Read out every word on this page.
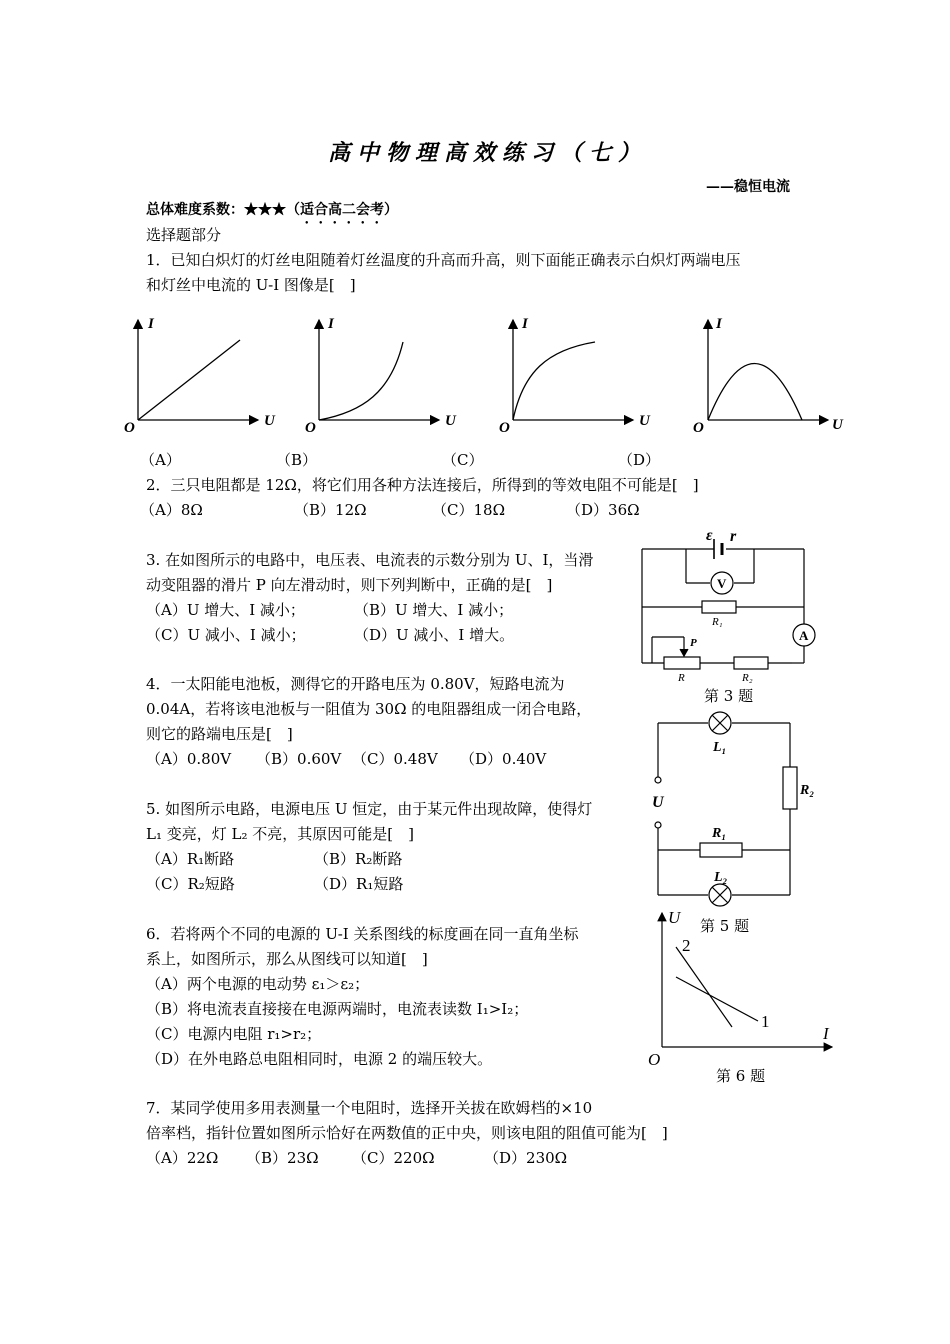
高中物理高效练习（七）
——稳恒电流
总体难度系数：★★★（适合高二会考）
选择题部分
1．已知白炽灯的灯丝电阻随着灯丝温度的升高而升高，则下面能正确表示白炽灯两端电压
和灯丝中电流的 U-I 图像是[　]
I
U
O
I
U
O
I
U
O
I
U
O
（A）	（B）	（C）	（D）
2．三只电阻都是 12Ω，将它们用各种方法连接后，所得到的等效电阻不可能是[　]
（A）8Ω	（B）12Ω	（C）18Ω	（D）36Ω
3. 在如图所示的电路中，电压表、电流表的示数分别为 U、I，当滑
动变阻器的滑片 P 向左滑动时，则下列判断中，正确的是[　]
（A）U 增大、I 减小；	（B）U 增大、I 减小；
（C）U 减小、I 减小；	（D）U 减小、I 增大。
ε r
V
A
R₁
P
R	R₂
第 3 题
4．一太阳能电池板，测得它的开路电压为 0.80V，短路电流为
0.04A，若将该电池板与一阻值为 30Ω 的电阻器组成一闭合电路，
则它的路端电压是[　]
（A）0.80V （B）0.60V （C）0.48V （D）0.40V
5. 如图所示电路，电源电压 U 恒定，由于某元件出现故障，使得灯
L₁ 变亮，灯 L₂ 不亮，其原因可能是[　]
（A）R₁断路	（B）R₂断路
（C）R₂短路	（D）R₁短路
L₁
R₂
R₁
L₂
U
第 5 题
6．若将两个不同的电源的 U-I 关系图线的标度画在同一直角坐标
系上，如图所示，那么从图线可以知道[　]
（A）两个电源的电动势 ε₁＞ε₂；
（B）将电流表直接接在电源两端时，电流表读数 I₁>I₂；
（C）电源内电阻 r₁>r₂；
（D）在外电路总电阻相同时，电源 2 的端压较大。
U
I
O
2
1
第 6 题
7．某同学使用多用表测量一个电阻时，选择开关拔在欧姆档的×10
倍率档，指针位置如图所示恰好在两数值的正中央，则该电阻的阻值可能为[　]
（A）22Ω （B）23Ω （C）220Ω	（D）230Ω
